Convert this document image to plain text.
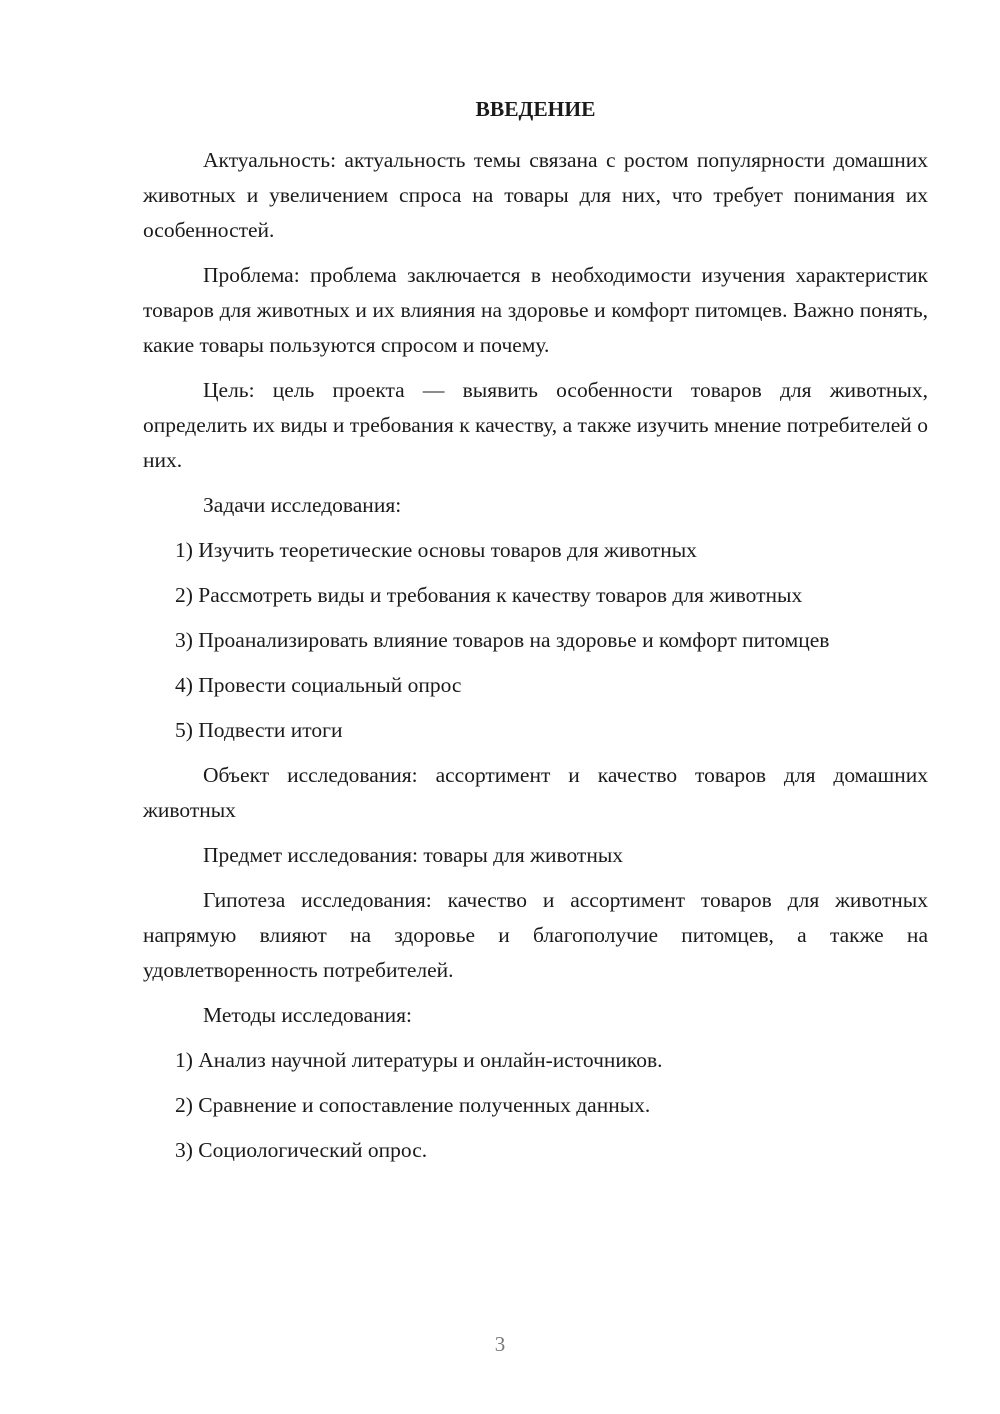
ВВЕДЕНИЕ

Актуальность: актуальность темы связана с ростом популярности домашних животных и увеличением спроса на товары для них, что требует понимания их особенностей.

Проблема: проблема заключается в необходимости изучения характеристик товаров для животных и их влияния на здоровье и комфорт питомцев. Важно понять, какие товары пользуются спросом и почему.

Цель: цель проекта — выявить особенности товаров для животных, определить их виды и требования к качеству, а также изучить мнение потребителей о них.

Задачи исследования:

1) Изучить теоретические основы товаров для животных

2) Рассмотреть виды и требования к качеству товаров для животных

3) Проанализировать влияние товаров на здоровье и комфорт питомцев

4) Провести социальный опрос

5) Подвести итоги

Объект исследования: ассортимент и качество товаров для домашних животных

Предмет исследования: товары для животных

Гипотеза исследования: качество и ассортимент товаров для животных напрямую влияют на здоровье и благополучие питомцев, а также на удовлетворенность потребителей.

Методы исследования:

1) Анализ научной литературы и онлайн-источников.

2) Сравнение и сопоставление полученных данных.

3) Социологический опрос.

3
